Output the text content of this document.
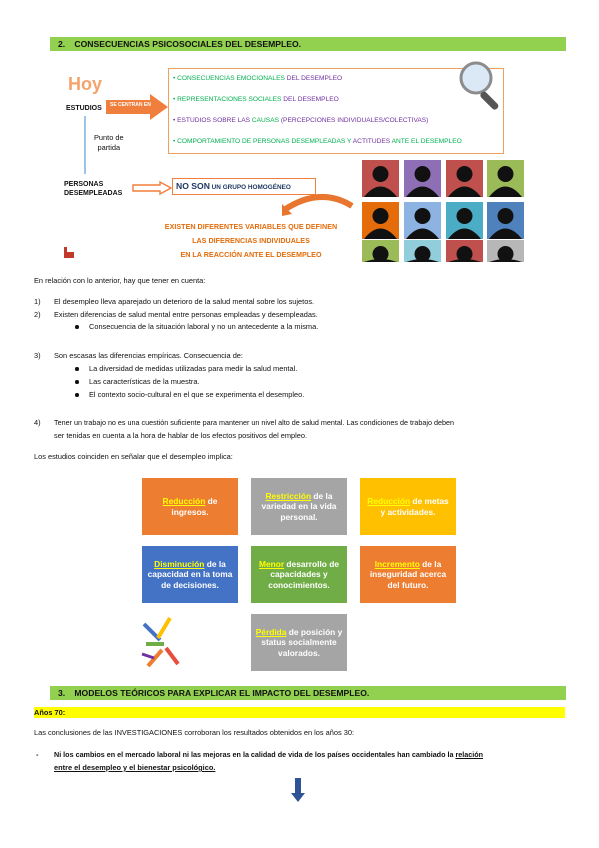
2. CONSECUENCIAS PSICOSOCIALES DEL DESEMPLEO.
Hoy
ESTUDIOS SE CENTRAN EN
Punto de
partida
PERSONAS
DESEMPLEADAS
• CONSECUENCIAS EMOCIONALES DEL DESEMPLEO
• REPRESENTACIONES SOCIALES DEL DESEMPLEO
• ESTUDIOS SOBRE LAS CAUSAS (PERCEPCIONES INDIVIDUALES/COLECTIVAS)
• COMPORTAMIENTO DE PERSONAS DESEMPLEADAS Y ACTITUDES ANTE EL DESEMPLEO
NO SON UN GRUPO HOMOGÉNEO
EXISTEN DIFERENTES VARIABLES QUE DEFINEN
LAS DIFERENCIAS INDIVIDUALES
EN LA REACCIÓN ANTE EL DESEMPLEO
En relación con lo anterior, hay que tener en cuenta:
1) El desempleo lleva aparejado un deterioro de la salud mental sobre los sujetos.
2) Existen diferencias de salud mental entre personas empleadas y desempleadas.
Consecuencia de la situación laboral y no un antecedente a la misma.
3) Son escasas las diferencias empíricas. Consecuencia de:
La diversidad de medidas utilizadas para medir la salud mental.
Las características de la muestra.
El contexto socio-cultural en el que se experimenta el desempleo.
4) Tener un trabajo no es una cuestión suficiente para mantener un nivel alto de salud mental. Las condiciones de trabajo deben
ser tenidas en cuenta a la hora de hablar de los efectos positivos del empleo.
Los estudios coinciden en señalar que el desempleo implica:
Reducción de ingresos.
Restricción de la variedad en la vida personal.
Reducción de metas y actividades.
Disminución de la capacidad en la toma de decisiones.
Menor desarrollo de capacidades y conocimientos.
Incremento de la inseguridad acerca del futuro.
Pérdida de posición y status socialmente valorados.
3. MODELOS TEÓRICOS PARA EXPLICAR EL IMPACTO DEL DESEMPLEO.
Años 70:
Las conclusiones de las INVESTIGACIONES corroboran los resultados obtenidos en los años 30:
- Ni los cambios en el mercado laboral ni las mejoras en la calidad de vida de los países occidentales han cambiado la relación
entre el desempleo y el bienestar psicológico.
